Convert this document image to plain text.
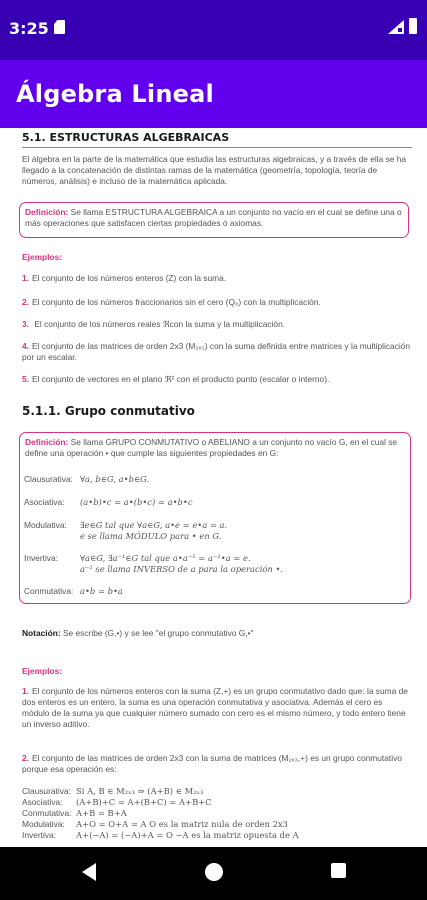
3:25
Álgebra Lineal
5.1. ESTRUCTURAS ALGEBRAICAS
El álgebra en la parte de la matemática que estudia las estructuras algebraicas, y a través de ella se ha llegado a la concatenación de distintas ramas de la matemática (geometría, topología, teoría de números, análisis) e incluso de la matemática aplicada.
Definición: Se llama ESTRUCTURA ALGEBRAICA a un conjunto no vacío en el cual se define una o más operaciones que satisfacen ciertas propiedades ó axiomas.
Ejemplos:
1. El conjunto de los números enteros (Z) con la suma.
2. El conjunto de los números fraccionarios sin el cero (Q₀) con la multiplicación.
3. El conjunto de los números reales ℜcon la suma y la multiplicación.
4. El conjunto de las matrices de orden 2x3 (M₂ₓ₃) con la suma definida entre matrices y la multiplicación por un escalar.
5. El conjunto de vectores en el plano ℜ² con el producto punto (escalar o interno).
5.1.1. Grupo conmutativo
Definición: Se llama GRUPO CONMUTATIVO o ABELIANO a un conjunto no vacío G, en el cual se define una operación • que cumple las siguientes propiedades en G:
Clausurativa: ∀a, b∈G, a•b∈G.
Asociativa: (a•b)•c = a•(b•c) = a•b•c
Modulativa: ∃e∈G tal que ∀a∈G, a•e = e•a = a.
e se llama MÓDULO para • en G.
Invertiva:	∀a∈G, ∃a⁻¹∈G tal que a•a⁻¹ = a⁻¹•a = e.
a⁻¹ se llama INVERSO de a para la operación •.
Conmutativa: a•b = b•a
Notación: Se escribe (G,•) y se lee "el grupo conmutativo G,•"
Ejemplos:
1. El conjunto de los números enteros con la suma (Z,+) es un grupo conmutativo dado que: la suma de dos enteros es un entero, la suma es una operación conmutativa y asociativa. Además el cero es módulo de la suma ya que cualquier número sumado con cero es el mismo número, y todo entero tiene un inverso aditivo.
2. El conjunto de las matrices de orden 2x3 con la suma de matrices (M₂ₓ₃,+) es un grupo conmutativo porque esa operación es:
Clausurativa: Si A, B ∈ M₂ₓ₃ ⇒ (A+B) ∈ M₂ₓ₃
Asociativa: (A+B)+C = A+(B+C) = A+B+C
Conmutativa: A+B = B+A
Modulativa: A+O = O+A = A O es la matriz nula de orden 2x3
Invertiva: A+(−A) = (−A)+A = O −A es la matriz opuesta de A
